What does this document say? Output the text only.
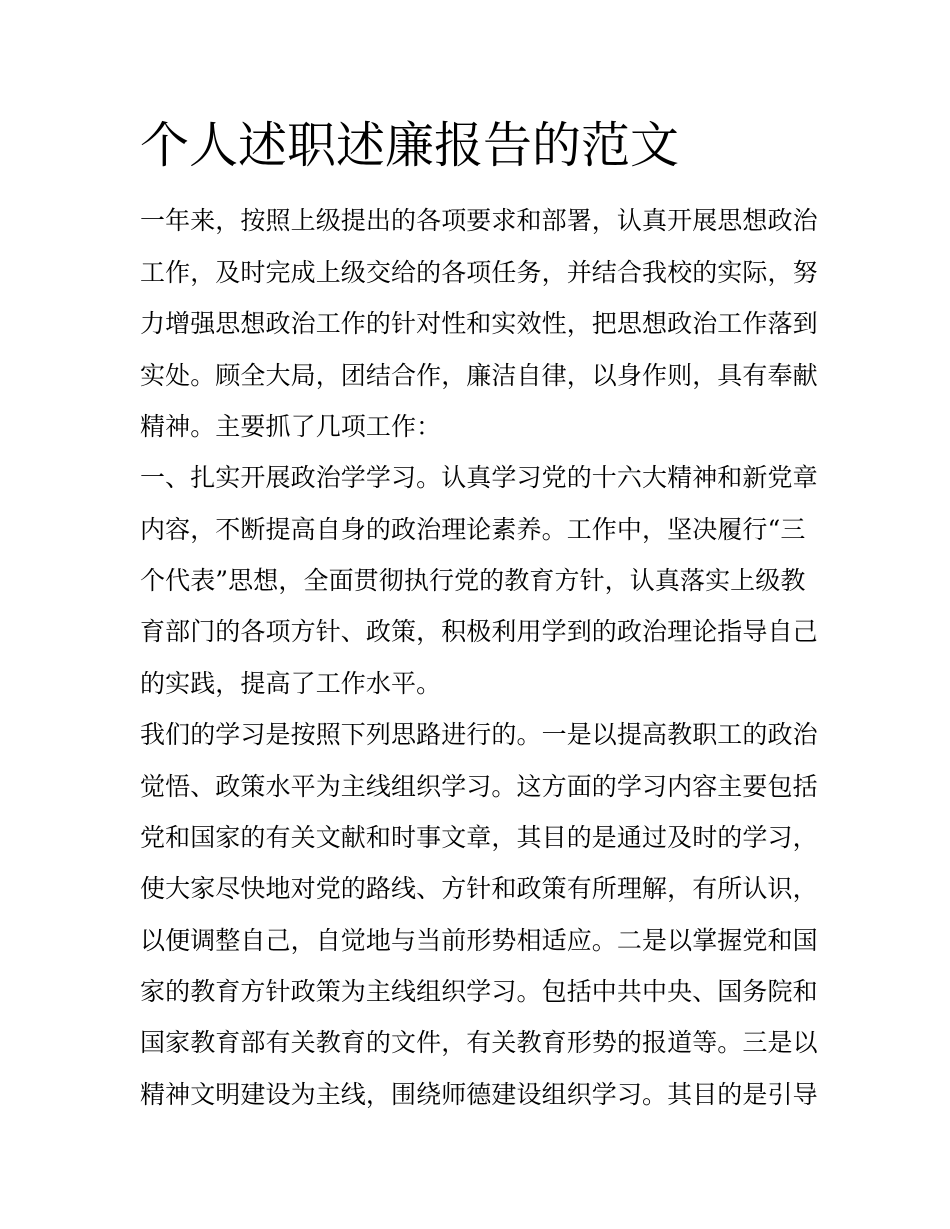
个人述职述廉报告的范文
一年来，按照上级提出的各项要求和部署，认真开展思想政治
工作，及时完成上级交给的各项任务，并结合我校的实际，努
力增强思想政治工作的针对性和实效性，把思想政治工作落到
实处。顾全大局，团结合作，廉洁自律，以身作则，具有奉献
精神。主要抓了几项工作：
一、扎实开展政治学学习。认真学习党的十六大精神和新党章
内容，不断提高自身的政治理论素养。工作中，坚决履行“三
个代表”思想，全面贯彻执行党的教育方针，认真落实上级教
育部门的各项方针、政策，积极利用学到的政治理论指导自己
的实践，提高了工作水平。
我们的学习是按照下列思路进行的。一是以提高教职工的政治
觉悟、政策水平为主线组织学习。这方面的学习内容主要包括
党和国家的有关文献和时事文章，其目的是通过及时的学习，
使大家尽快地对党的路线、方针和政策有所理解，有所认识，
以便调整自己，自觉地与当前形势相适应。二是以掌握党和国
家的教育方针政策为主线组织学习。包括中共中央、国务院和
国家教育部有关教育的文件，有关教育形势的报道等。三是以
精神文明建设为主线，围绕师德建设组织学习。其目的是引导
